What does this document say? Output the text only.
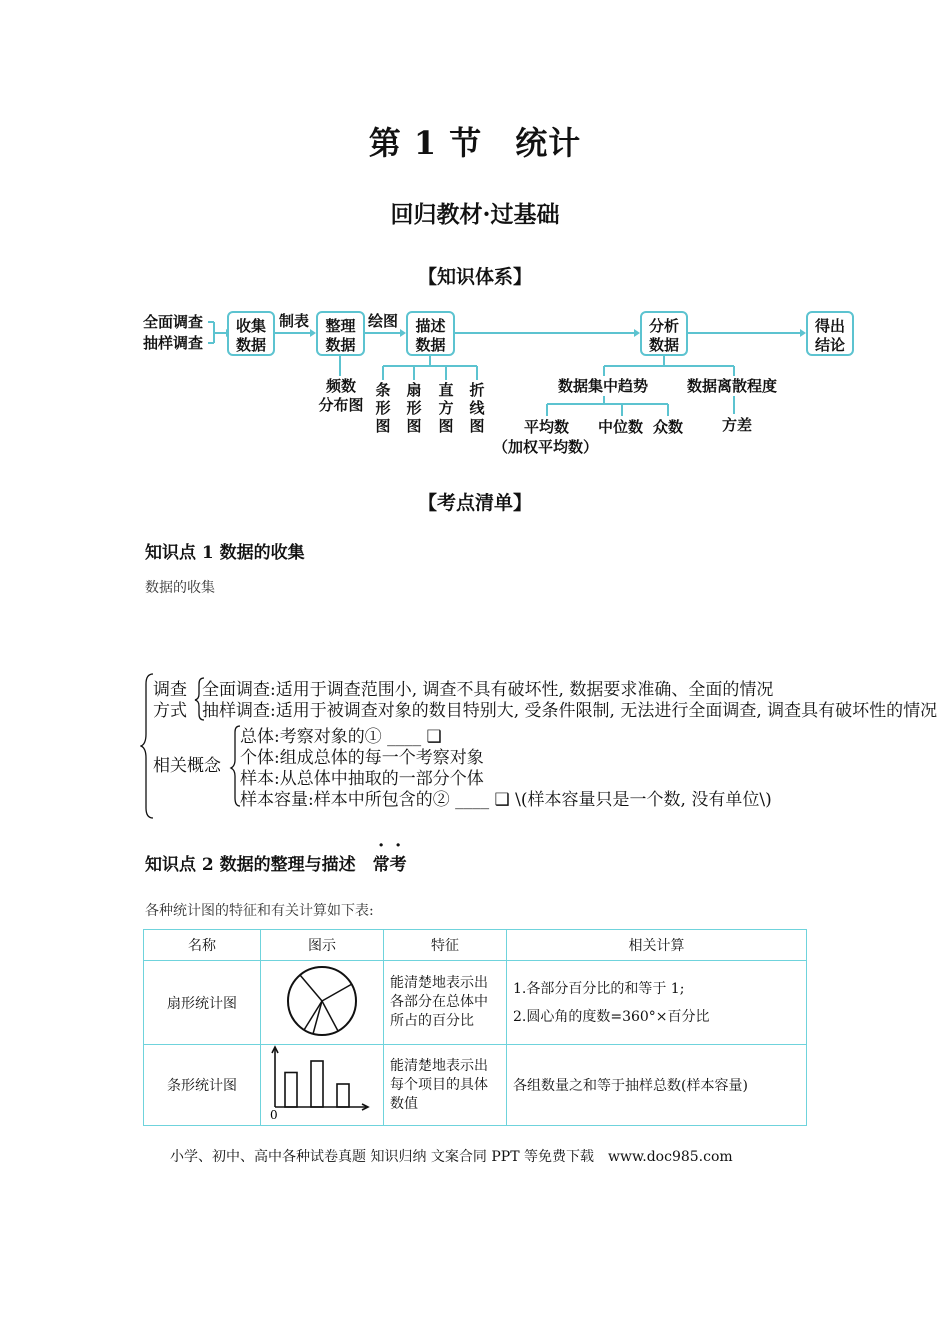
第 1 节　统计
回归教材·过基础
【知识体系】
全面调查
抽样调查
收集
数据
整理
数据
描述
数据
分析
数据
得出
结论
制表	绘图
频数
分布图
条形图
扇形图
直方图
折线图
数据集中趋势	数据离散程度
平均数
（加权平均数）
中位数 众数	方差
【考点清单】
知识点 1 数据的收集
数据的收集
调查
方式
全面调查:适用于调查范围小, 调查不具有破坏性, 数据要求准确、全面的情况
抽样调查:适用于被调查对象的数目特别大, 受条件限制, 无法进行全面调查, 调查具有破坏性的情况
相关概念
总体:考察对象的① ____ ❑
个体:组成总体的每一个考察对象
样本:从总体中抽取的一部分个体
样本容量:样本中所包含的② ____ ❑ \(样本容量只是一个数, 没有单位\)
知识点 2 数据的整理与描述　常考
各种统计图的特征和有关计算如下表:
名称	图示	特征	相关计算
扇形统计图		能清楚地表示出各部分在总体中所占的百分比	1.各部分百分比的和等于 1;
2.圆心角的度数=360°×百分比

条形统计图	0	能清楚地表示出每个项目的具体数值	各组数量之和等于抽样总数(样本容量)
小学、初中、高中各种试卷真题 知识归纳 文案合同 PPT 等免费下载　www.doc985.com
